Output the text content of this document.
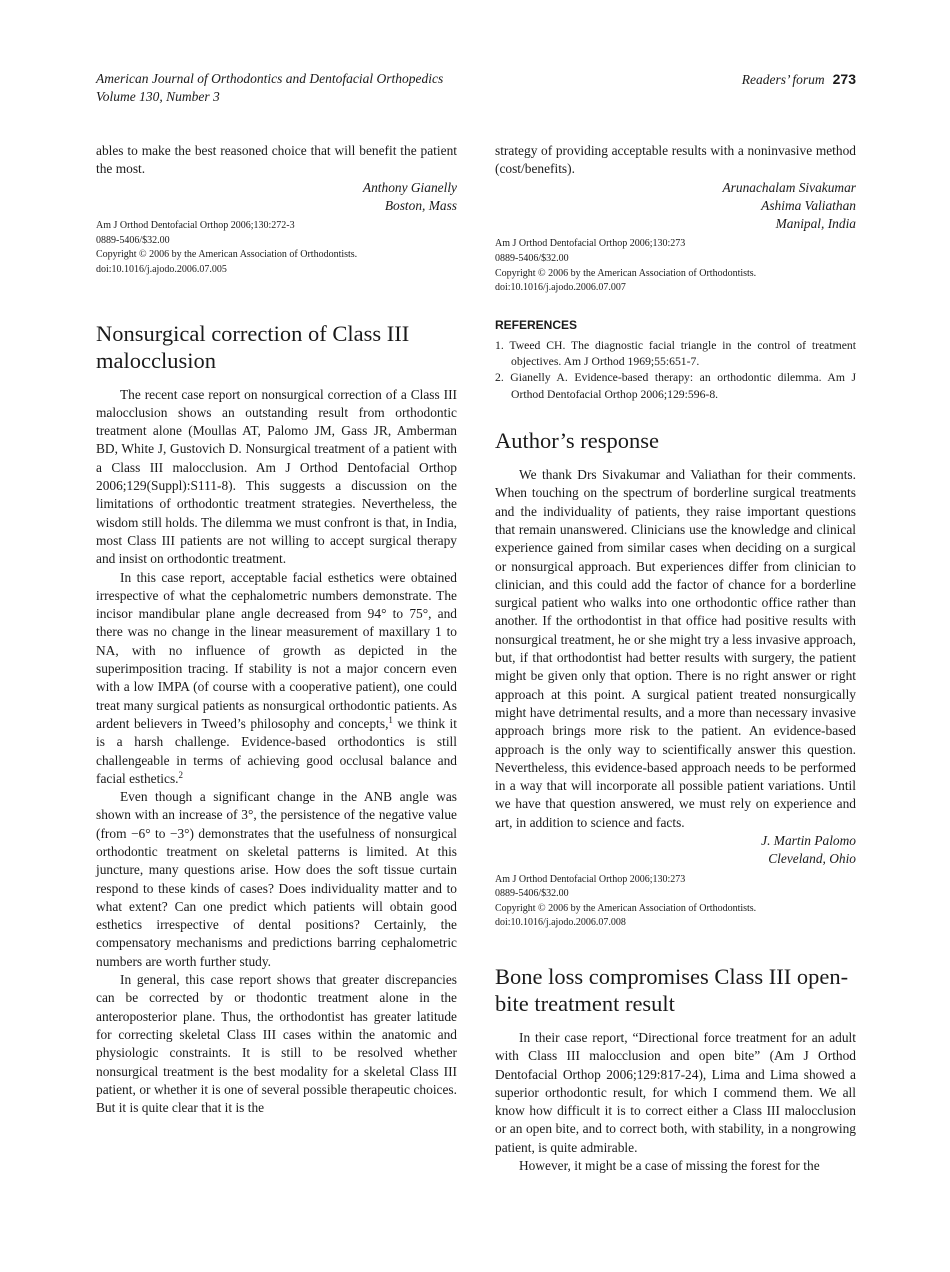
American Journal of Orthodontics and Dentofacial Orthopedics
Volume 130, Number 3
Readers’ forum 273

ables to make the best reasoned choice that will benefit the patient the most.

Anthony Gianelly
Boston, Mass
Am J Orthod Dentofacial Orthop 2006;130:272-3
0889-5406/$32.00
Copyright © 2006 by the American Association of Orthodontists.
doi:10.1016/j.ajodo.2006.07.005
Nonsurgical correction of Class III malocclusion

The recent case report on nonsurgical correction of a Class III malocclusion shows an outstanding result from orthodontic treatment alone (Moullas AT, Palomo JM, Gass JR, Amberman BD, White J, Gustovich D. Nonsurgical treatment of a patient with a Class III malocclusion. Am J Orthod Dentofacial Orthop 2006;129(Suppl):S111-8). This suggests a discussion on the limitations of orthodontic treatment strategies. Nevertheless, the wisdom still holds. The dilemma we must confront is that, in India, most Class III patients are not willing to accept surgical therapy and insist on orthodontic treatment.

In this case report, acceptable facial esthetics were obtained irrespective of what the cephalometric numbers demonstrate. The incisor mandibular plane angle decreased from 94° to 75°, and there was no change in the linear measurement of maxillary 1 to NA, with no influence of growth as depicted in the superimposition tracing. If stability is not a major concern even with a low IMPA (of course with a cooperative patient), one could treat many surgical patients as nonsurgical orthodontic patients. As ardent believers in Tweed’s philosophy and concepts,$^1$ we think it is a harsh challenge. Evidence-based orthodontics is still challengeable in terms of achieving good occlusal balance and facial esthetics.$^2$

Even though a significant change in the ANB angle was shown with an increase of 3°, the persistence of the negative value (from −6° to −3°) demonstrates that the usefulness of nonsurgical orthodontic treatment on skeletal patterns is limited. At this juncture, many questions arise. How does the soft tissue curtain respond to these kinds of cases? Does individuality matter and to what extent? Can one predict which patients will obtain good esthetics irrespective of dental positions? Certainly, the compensatory mechanisms and predictions barring cephalometric numbers are worth further study.

In general, this case report shows that greater discrepancies can be corrected by or thodontic treatment alone in the anteroposterior plane. Thus, the orthodontist has greater latitude for correcting skeletal Class III cases within the anatomic and physiologic constraints. It is still to be resolved whether nonsurgical treatment is the best modality for a skeletal Class III patient, or whether it is one of several possible therapeutic choices. But it is quite clear that it is the

strategy of providing acceptable results with a noninvasive method (cost/benefits).

Arunachalam Sivakumar
Ashima Valiathan
Manipal, India
Am J Orthod Dentofacial Orthop 2006;130:273
0889-5406/$32.00
Copyright © 2006 by the American Association of Orthodontists.
doi:10.1016/j.ajodo.2006.07.007
REFERENCES
1. Tweed CH. The diagnostic facial triangle in the control of treatment objectives. Am J Orthod 1969;55:651-7.
2. Gianelly A. Evidence-based therapy: an orthodontic dilemma. Am J Orthod Dentofacial Orthop 2006;129:596-8.
Author’s response

We thank Drs Sivakumar and Valiathan for their comments. When touching on the spectrum of borderline surgical treatments and the individuality of patients, they raise important questions that remain unanswered. Clinicians use the knowledge and clinical experience gained from similar cases when deciding on a surgical or nonsurgical approach. But experiences differ from clinician to clinician, and this could add the factor of chance for a borderline surgical patient who walks into one orthodontic office rather than another. If the orthodontist in that office had positive results with nonsurgical treatment, he or she might try a less invasive approach, but, if that orthodontist had better results with surgery, the patient might be given only that option. There is no right answer or right approach at this point. A surgical patient treated nonsurgically might have detrimental results, and a more than necessary invasive approach brings more risk to the patient. An evidence-based approach is the only way to scientifically answer this question. Nevertheless, this evidence-based approach needs to be performed in a way that will incorporate all possible patient variations. Until we have that question answered, we must rely on experience and art, in addition to science and facts.

J. Martin Palomo
Cleveland, Ohio
Am J Orthod Dentofacial Orthop 2006;130:273
0889-5406/$32.00
Copyright © 2006 by the American Association of Orthodontists.
doi:10.1016/j.ajodo.2006.07.008
Bone loss compromises Class III open-bite treatment result

In their case report, “Directional force treatment for an adult with Class III malocclusion and open bite” (Am J Orthod Dentofacial Orthop 2006;129:817-24), Lima and Lima showed a superior orthodontic result, for which I commend them. We all know how difficult it is to correct either a Class III malocclusion or an open bite, and to correct both, with stability, in a nongrowing patient, is quite admirable.

However, it might be a case of missing the forest for the
